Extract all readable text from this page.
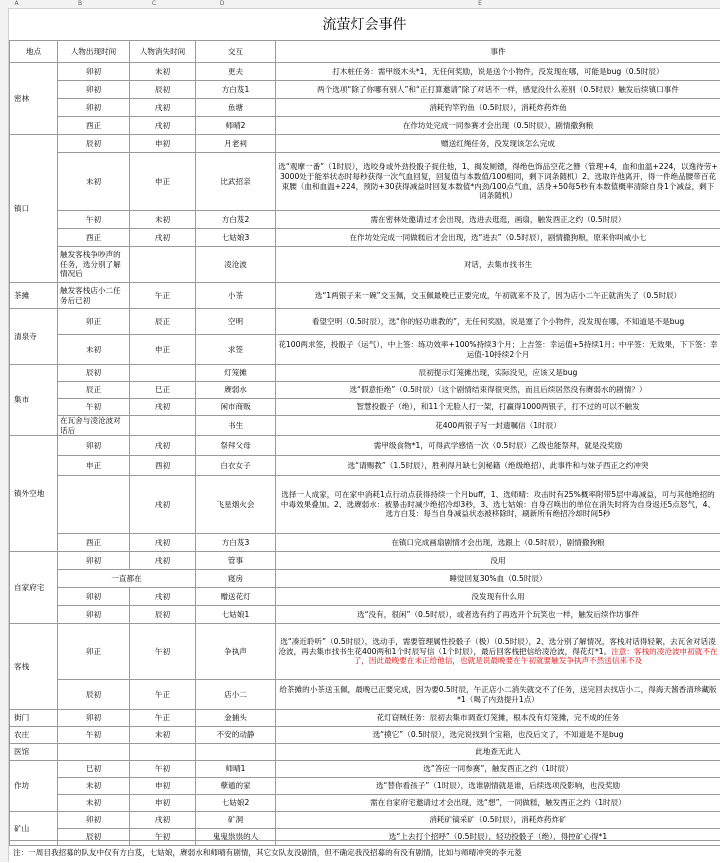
A	B	C	D	E
流萤灯会事件
地点	人物出现时间	人物消失时间	交互	事件
密林	卯初	未初	更夫	打木桩任务：需甲级木头*1，无任何奖励，说是送个小物件，没发现在哪，可能是bug（0.5时辰）
	卯初	辰初	方白芨1	两个选项“除了你哪有别人”和“正打算邀请”除了对话不一样，感觉没什么差别（0.5时辰）触发后续镇口事件
	卯初	戌初	鱼塘	消耗钓竿钓鱼（0.5时辰），消耗炸药炸鱼
	酉正	戌初	师晴2	在作坊处完成一同参赛才会出现（0.5时辰），剧情撒狗粮
镇口	辰初	申初	月老祠	赠送红绳任务，没发现该怎么完成
	未初	申正	比武招亲	选“观摩一番”（1时辰），选咬身或外劲投骰子捉住他，1、揭发厕镖，得绝色饰品空花之簪（管理+4，血和血温+224，以逸待劳+3000处于能举状态时每秒获得一次气血回复，回复值与本数值/100相同，剩下词条随机）2、选取许他离开，得一件绝品腰带百花束腰（血和血温+224，预防+30获得减益时回复本数值*内劲/100点气血，活身+50每5秒有本数值概率清除自身1个减益，剩下词条随机）
	午初	未初	方白芨2	需在密林处邀请过才会出现，选进去逛逛，画扇，触发酉正之约（0.5时辰）
	酉正	戌初	七姑娘3	在作坊处完成一同做糕后才会出现，选“进去”（0.5时辰），剧情撒狗粮，原来你叫威小七
	触发客栈争吵声的任务，选分别了解情况后		凌沧波	对话，去集市找书生
茶摊	触发客栈店小二任务后已初	午正	小茶	选“1两银子来一碗”交玉佩，交玉佩最晚已正要完成，午初就来不及了，因为店小二午正就消失了（0.5时辰）
清泉寺	卯正	辰正	空明	看望空明（0.5时辰），选“你的轻功谁教的”，无任何奖励，说是塞了个小物件，没发现在哪，不知道是不是bug
	未初	申正	求签	花100两求签，投骰子（运气），中上签：练功效率+100%持续3个月；上吉签：幸运值+5持续1月；中平签：无效果，下下签：幸运值-10持续2个月
集市	辰初		灯笼摊	辰初提示灯笼摊出现，实际没见，应该又是bug
	辰正	巳正	赓弱水	选“假意拒绝”（0.5时辰）（这个剧情结束得很突然，而且后续居然没有赓弱水的剧情？）
	午初	戌初	闲市商贩	智慧投骰子（绝），和11个无脸人打一架，打赢得1000两银子，打不过的可以不触发
	在瓦舍与凌沧波对话后		书生	花400两银子写一封遗嘱信（1时辰）
镇外空地	卯初	戌初	祭拜父母	需甲级食物*1，可得武学感悟一次（0.5时辰）乙级也能祭拜，就是没奖励
	申正	酉初	白衣女子	选“请赐教”（1.5时辰），胜利得月缺七剑秘籍（绝级绝招），此事件和与妹子西正之约冲突
		戌初	飞星烟火会	选择一人成家，可在家中消耗1点行动点获得持续一个月buff，1、选师晴：攻击时有25%概率附带5层中毒减益，可与其他绝招的中毒效果叠加。2、选赓弱水：被暴击时减少绝招冷却3秒，3、选七姑娘：自身召唤出的单位在消失时将为自身返还5点怒气，4、选方白芨：每当自身减益状态被移除时，刷新所有绝招冷却时间5秒
	酉正	戌初	方白芨3	在镇口完成画扇剧情才会出现，选跟上（0.5时辰），剧情撒狗粮
自家府宅	卯初	戌初	管事	没用
	一直都在		寝房	睡觉回复30%血（0.5时辰）
	卯初	戌初	赠送花灯	没发现有什么用
	卯初	辰初	七姑娘1	选“没有，很闲”（0.5时辰），或者选有约了再选开个玩笑也一样，触发后续作坊事件
客栈	卯正	午初	争执声	选“凑近聆听”（0.5时辰），选动手，需要管理属性投骰子（极）（0.5时辰），2、选分别了解情况，客栈对话得轻絮，去瓦舍对话凌沧波，再去集市找书生花400两和1个时辰写信（1个时辰），最后回客栈把信给凌沧波，得花灯*1。注意：客栈的凌沧波申初就不在了，因此最晚要在未正给他信，也就是说最晚要在午初就要触发争执声不然送信来不及
	辰初	午正	店小二	给茶摊的小茶送玉佩，最晚已正要完成，因为要0.5时辰，午正店小二消失就交不了任务，送完回去找店小二，得海天酱香清珍藏版*1（喝了内劲提升1点）
街门	卯初	午正	金捕头	花灯窃贼任务：辰初去集市调查灯笼摊，根本没有灯笼摊，完不成的任务
农庄	午初	未初	不安的动静	选“摸它”（0.5时辰），选完说找到个宝箱，也没后文了，不知道是不是bug
医馆				此地查无此人
作坊	巳初	午初	师晴1	选“答应一同参赛”，触发酉正之约（1时辰）
	未初	申初	孽遁的家	选“替你看孩子”（1时辰），选谁剧情就是谁，后续选项没影响，也没奖励
	未初	申初	七姑娘2	需在自家府宅邀请过才会出现，选“想”，一同做糕，触发酉正之约（1时辰）
矿山	卯初	戌初	矿洞	消耗矿镐采矿（0.5时辰），消耗炸药炸矿
	辰初	午初	鬼鬼祟祟的人	选“上去打个招呼”（0.5时辰），轻功投骰子（绝），得控矿心得*1
注：一周目我招募的队友中仅有方白芨，七姑娘，赓弱水和师晴有剧情，其它女队友没剧情，但不确定我没招募的有没有剧情，比如与师晴冲突的李元菱
